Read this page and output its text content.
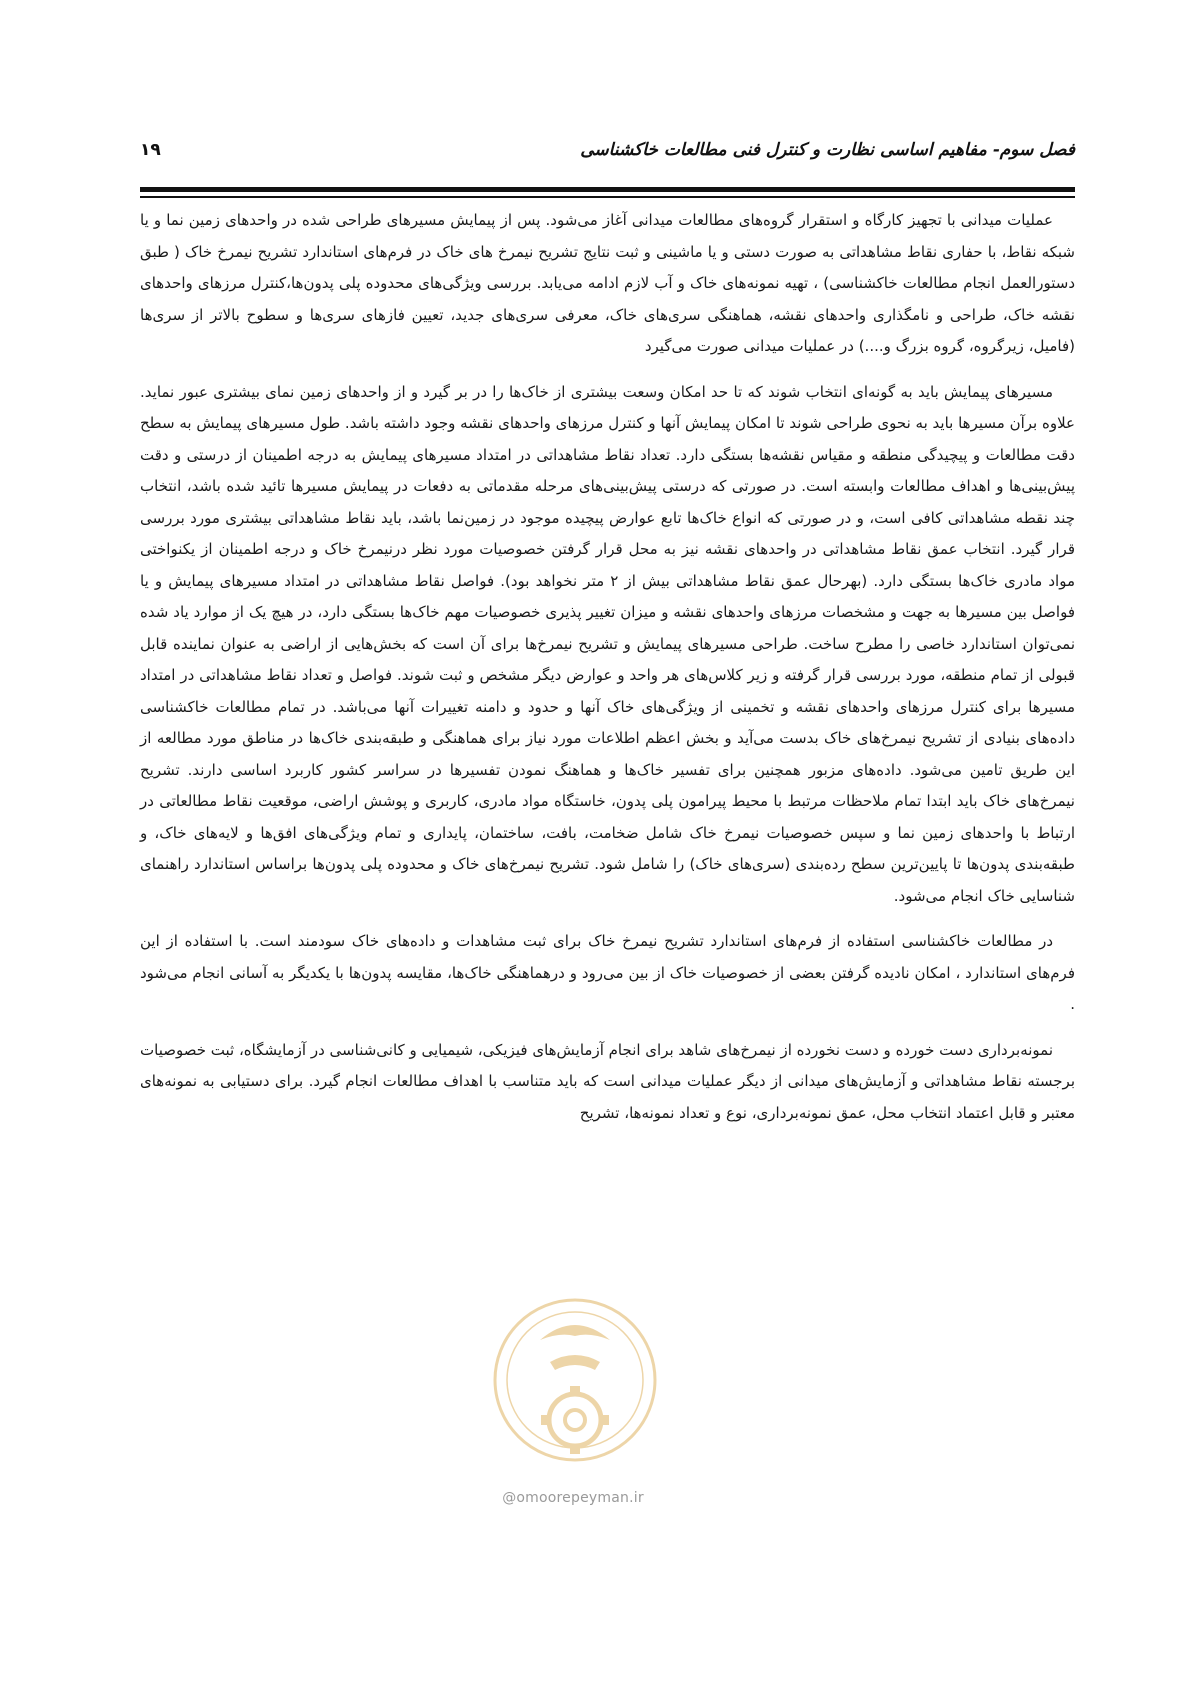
فصل سوم- مفاهیم اساسی نظارت و کنترل فنی مطالعات خاکشناسی
۱۹

عملیات میدانی با تجهیز کارگاه و استقرار گروه‌های مطالعات میدانی آغاز می‌شود. پس از پیمایش مسیرهای طراحی شده در واحدهای زمین نما و یا شبکه نقاط، با حفاری نقاط مشاهداتی به صورت دستی و یا ماشینی و ثبت نتایج تشریح نیمرخ های خاک در فرم‌های استاندارد تشریح نیمرخ خاک ( طبق دستورالعمل انجام مطالعات خاکشناسی) ، تهیه نمونه‌های خاک و آب لازم ادامه می‌یابد. بررسی ویژگی‌های محدوده پلی پدون‌ها،کنترل مرزهای واحدهای نقشه خاک، طراحی و نامگذاری واحدهای نقشه، هماهنگی سری‌های خاک، معرفی سری‌های جدید، تعیین فازهای سری‌ها و سطوح بالاتر از سری‌ها (فامیل، زیرگروه، گروه بزرگ و....) در عملیات میدانی صورت می‌گیرد

مسیرهای پیمایش باید به گونه‌ای انتخاب شوند که تا حد امکان وسعت بیشتری از خاک‌ها را در بر گیرد و از واحدهای زمین نمای بیشتری عبور نماید. علاوه برآن مسیرها باید به نحوی طراحی شوند تا امکان پیمایش آنها و کنترل مرزهای واحدهای نقشه وجود داشته باشد. طول مسیرهای پیمایش به سطح دقت مطالعات و پیچیدگی منطقه و مقیاس نقشه‌ها بستگی دارد. تعداد نقاط مشاهداتی در امتداد مسیرهای پیمایش به درجه اطمینان از درستی و دقت پیش‌بینی‌ها و اهداف مطالعات وابسته است. در صورتی که درستی پیش‌بینی‌های مرحله مقدماتی به دفعات در پیمایش مسیرها تائید شده باشد، انتخاب چند نقطه مشاهداتی کافی است، و در صورتی که انواع خاک‌ها تابع عوارض پیچیده موجود در زمین‌نما باشد، باید نقاط مشاهداتی بیشتری مورد بررسی قرار گیرد. انتخاب عمق نقاط مشاهداتی در واحدهای نقشه نیز به محل قرار گرفتن خصوصیات مورد نظر درنیمرخ خاک و درجه اطمینان از یکنواختی مواد مادری خاک‌ها بستگی دارد. (بهرحال عمق نقاط مشاهداتی بیش از ۲ متر نخواهد بود). فواصل نقاط مشاهداتی در امتداد مسیرهای پیمایش و یا فواصل بین مسیرها به جهت و مشخصات مرزهای واحدهای نقشه و میزان تغییر پذیری خصوصیات مهم خاک‌ها بستگی دارد، در هیچ یک از موارد یاد شده نمی‌توان استاندارد خاصی را مطرح ساخت. طراحی مسیرهای پیمایش و تشریح نیمرخ‌ها برای آن است که بخش‌هایی از اراضی به عنوان نماینده قابل قبولی از تمام منطقه، مورد بررسی قرار گرفته و زیر کلاس‌های هر واحد و عوارض دیگر مشخص و ثبت شوند. فواصل و تعداد نقاط مشاهداتی در امتداد مسیرها برای کنترل مرزهای واحدهای نقشه و تخمینی از ویژگی‌های خاک آنها و حدود و دامنه تغییرات آنها می‌باشد. در تمام مطالعات خاکشناسی داده‌های بنیادی از تشریح نیمرخ‌های خاک بدست می‌آید و بخش اعظم اطلاعات مورد نیاز برای هماهنگی و طبقه‌بندی خاک‌ها در مناطق مورد مطالعه از این طریق تامین می‌شود. داده‌های مزبور همچنین برای تفسیر خاک‌ها و هماهنگ نمودن تفسیرها در سراسر کشور کاربرد اساسی دارند. تشریح نیمرخ‌های خاک باید ابتدا تمام ملاحظات مرتبط با محیط پیرامون پلی پدون، خاستگاه مواد مادری، کاربری و پوشش اراضی، موقعیت نقاط مطالعاتی در ارتباط با واحدهای زمین نما و سپس خصوصیات نیمرخ خاک شامل ضخامت، بافت، ساختمان، پایداری و تمام ویژگی‌های افق‌ها و لایه‌های خاک، و طبقه‌بندی پدون‌ها تا پایین‌ترین سطح رده‌بندی (سری‌های خاک) را شامل شود. تشریح نیمرخ‌های خاک و محدوده پلی پدون‌ها براساس استاندارد راهنمای شناسایی خاک انجام می‌شود.

در مطالعات خاکشناسی استفاده از فرم‌های استاندارد تشریح نیمرخ خاک برای ثبت مشاهدات و داده‌های خاک سودمند است. با استفاده از این فرم‌های استاندارد ، امکان نادیده گرفتن بعضی از خصوصیات خاک از بین می‌رود و درهماهنگی خاک‌ها، مقایسه پدون‌ها با یکدیگر به آسانی انجام می‌شود .

نمونه‌برداری دست خورده و دست نخورده از نیمرخ‌های شاهد برای انجام آزمایش‌های فیزیکی، شیمیایی و کانی‌شناسی در آزمایشگاه، ثبت خصوصیات برجسته نقاط مشاهداتی و آزمایش‌های میدانی از دیگر عملیات میدانی است که باید متناسب با اهداف مطالعات انجام گیرد. برای دستیابی به نمونه‌های معتبر و قابل اعتماد انتخاب محل، عمق نمونه‌برداری، نوع و تعداد نمونه‌ها، تشریح

@omoorepeyman.ir
